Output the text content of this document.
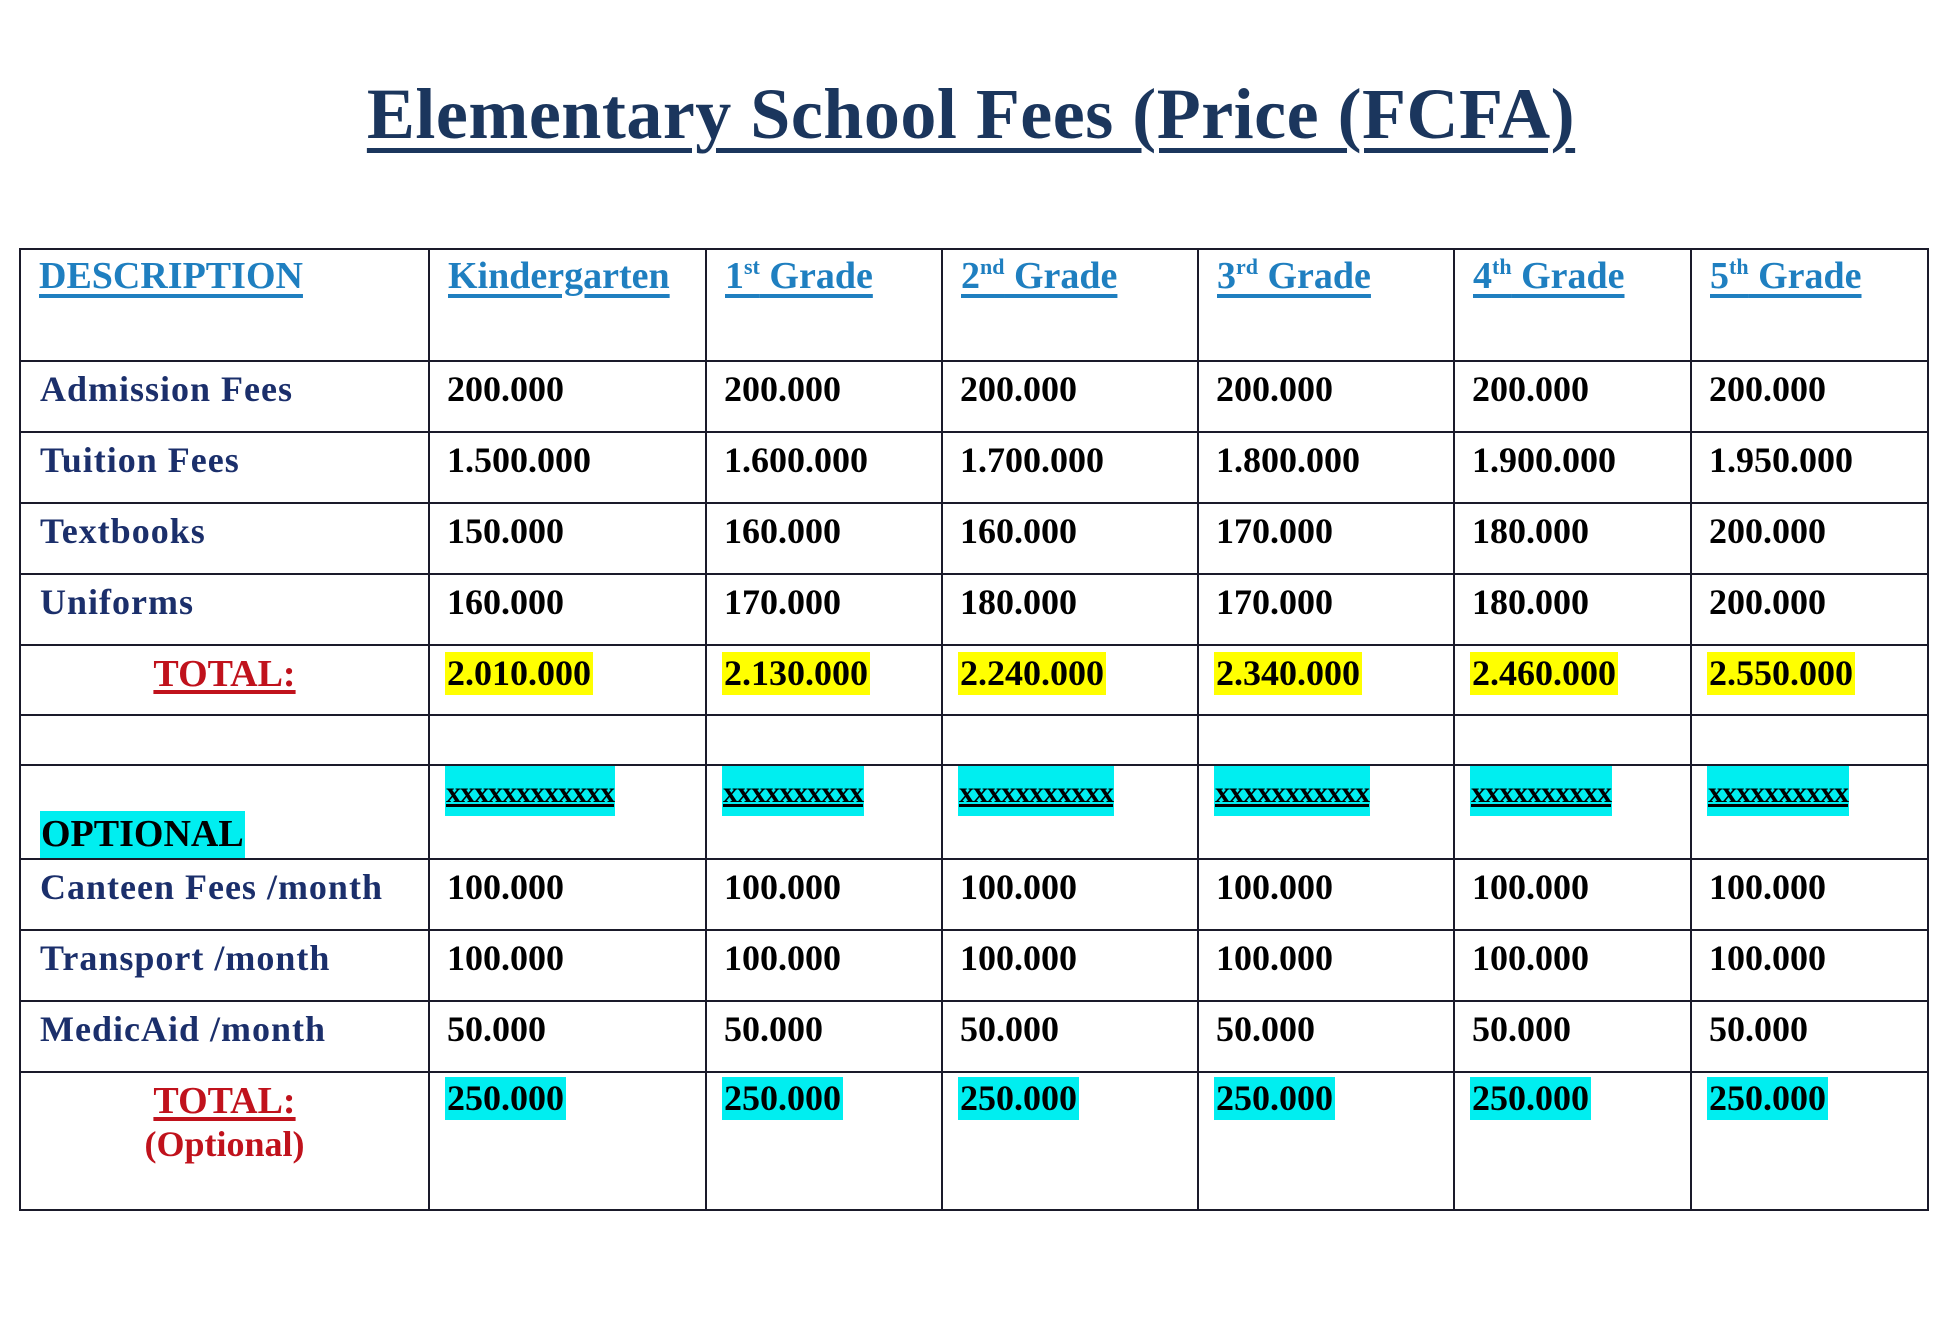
Elementary School Fees (Price (FCFA)
DESCRIPTION	Kindergarten	1st Grade	2nd Grade	3rd Grade	4th Grade	5th Grade

Admission Fees	200.000	200.000	200.000	200.000	200.000	200.000

Tuition Fees	1.500.000	1.600.000	1.700.000	1.800.000	1.900.000	1.950.000

Textbooks	150.000	160.000	160.000	170.000	180.000	200.000

Uniforms	160.000	170.000	180.000	170.000	180.000	200.000

TOTAL:	2.010.000	2.130.000	2.240.000	2.340.000	2.460.000	2.550.000

OPTIONAL	xxxxxxxxxxxx	xxxxxxxxxx	xxxxxxxxxxx	xxxxxxxxxxx	xxxxxxxxxx	xxxxxxxxxx

Canteen Fees /month	100.000	100.000	100.000	100.000	100.000	100.000

Transport /month	100.000	100.000	100.000	100.000	100.000	100.000

MedicAid /month	50.000	50.000	50.000	50.000	50.000	50.000

TOTAL:
(Optional)	250.000	250.000	250.000	250.000	250.000	250.000
